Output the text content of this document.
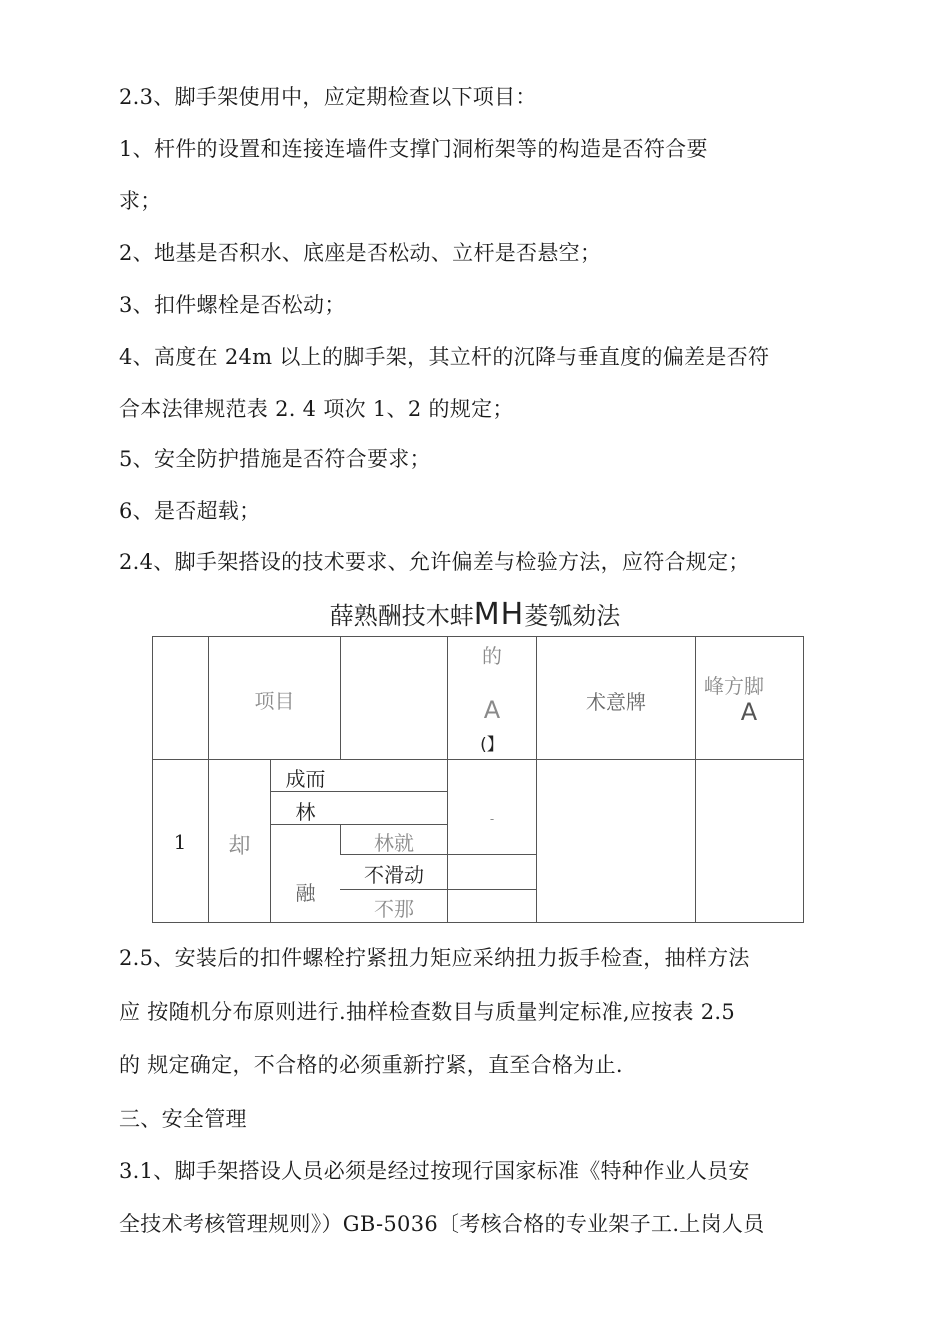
2.3、脚手架使用中，应定期检查以下项目：
1、杆件的设置和连接连墙件支撑门洞桁架等的构造是否符合要
求；
2、地基是否积水、底座是否松动、立杆是否悬空；
3、扣件螺栓是否松动；
4、高度在 24m 以上的脚手架，其立杆的沉降与垂直度的偏差是否符
合本法律规范表 2. 4 项次 1、2 的规定；
5、安全防护措施是否符合要求；
6、是否超载；
2.4、脚手架搭设的技术要求、允许偏差与检验方法，应符合规定；
薛熟酬技木蚌MH菱瓠劾法
项目
的
A
(】
术意牌
峰方脚
A
1	却
成而
林
林就
融
不滑动
不那
-
2.5、安装后的扣件螺栓拧紧扭力矩应采纳扭力扳手检查，抽样方法
应 按随机分布原则进行.抽样检查数目与质量判定标准,应按表 2.5
的 规定确定，不合格的必须重新拧紧，直至合格为止.
三、安全管理
3.1、脚手架搭设人员必须是经过按现行国家标准《特种作业人员安
全技术考核管理规则》）GB-5036〔考核合格的专业架子工.上岗人员
